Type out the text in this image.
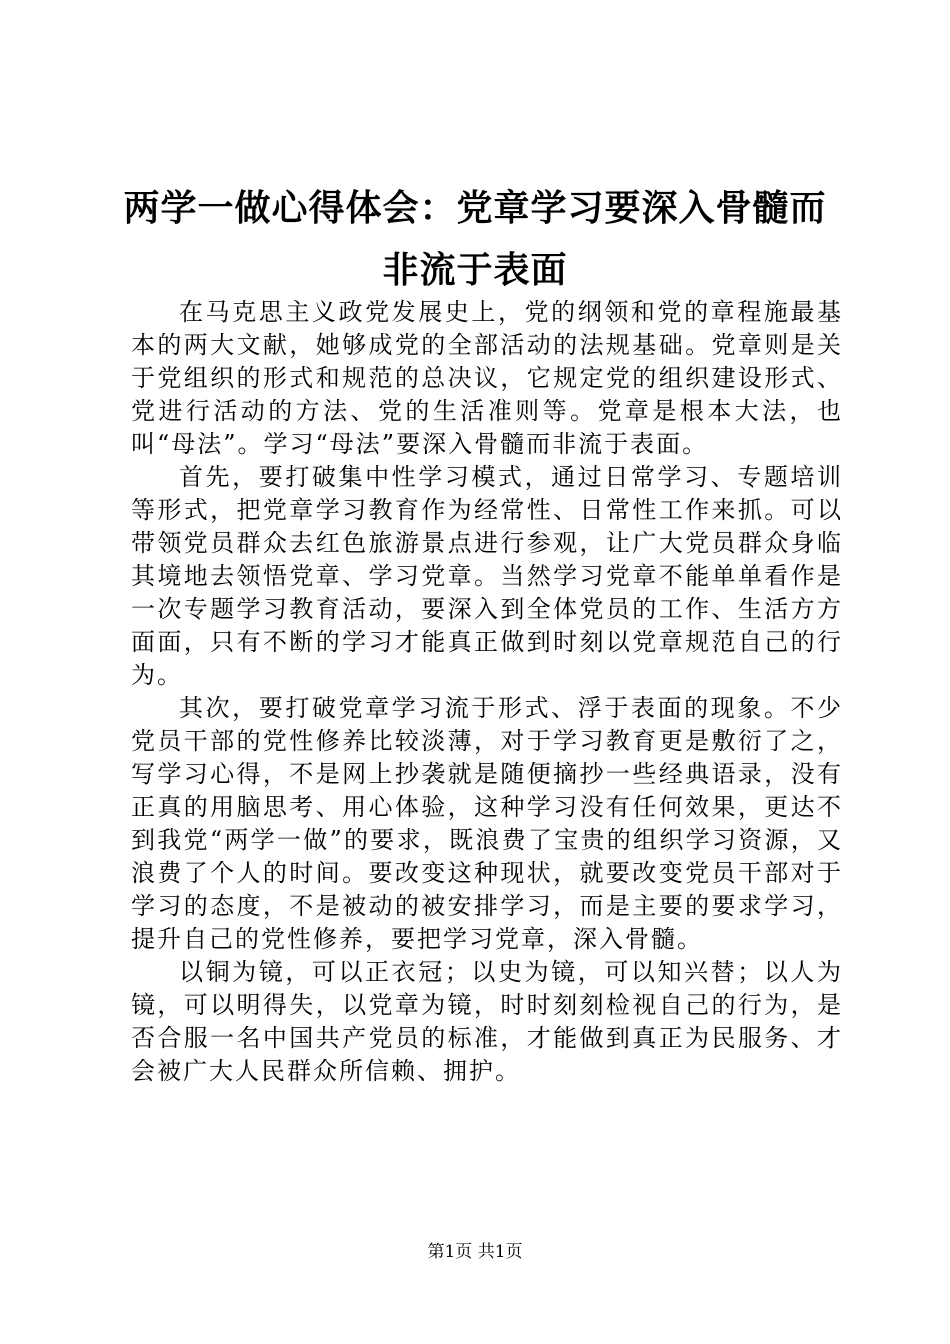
两学一做心得体会：党章学习要深入骨髓而非流于表面

在马克思主义政党发展史上，党的纲领和党的章程施最基本的两大文献，她够成党的全部活动的法规基础。党章则是关于党组织的形式和规范的总决议，它规定党的组织建设形式、党进行活动的方法、党的生活准则等。党章是根本大法，也叫“母法”。学习“母法”要深入骨髓而非流于表面。

首先，要打破集中性学习模式，通过日常学习、专题培训等形式，把党章学习教育作为经常性、日常性工作来抓。可以带领党员群众去红色旅游景点进行参观，让广大党员群众身临其境地去领悟党章、学习党章。当然学习党章不能单单看作是一次专题学习教育活动，要深入到全体党员的工作、生活方方面面，只有不断的学习才能真正做到时刻以党章规范自己的行为。

其次，要打破党章学习流于形式、浮于表面的现象。不少党员干部的党性修养比较淡薄，对于学习教育更是敷衍了之，写学习心得，不是网上抄袭就是随便摘抄一些经典语录，没有正真的用脑思考、用心体验，这种学习没有任何效果，更达不到我党“两学一做”的要求，既浪费了宝贵的组织学习资源，又浪费了个人的时间。要改变这种现状，就要改变党员干部对于学习的态度，不是被动的被安排学习，而是主要的要求学习，提升自己的党性修养，要把学习党章，深入骨髓。

以铜为镜，可以正衣冠；以史为镜，可以知兴替；以人为镜，可以明得失，以党章为镜，时时刻刻检视自己的行为，是否合服一名中国共产党员的标准，才能做到真正为民服务、才会被广大人民群众所信赖、拥护。

第1页 共1页
